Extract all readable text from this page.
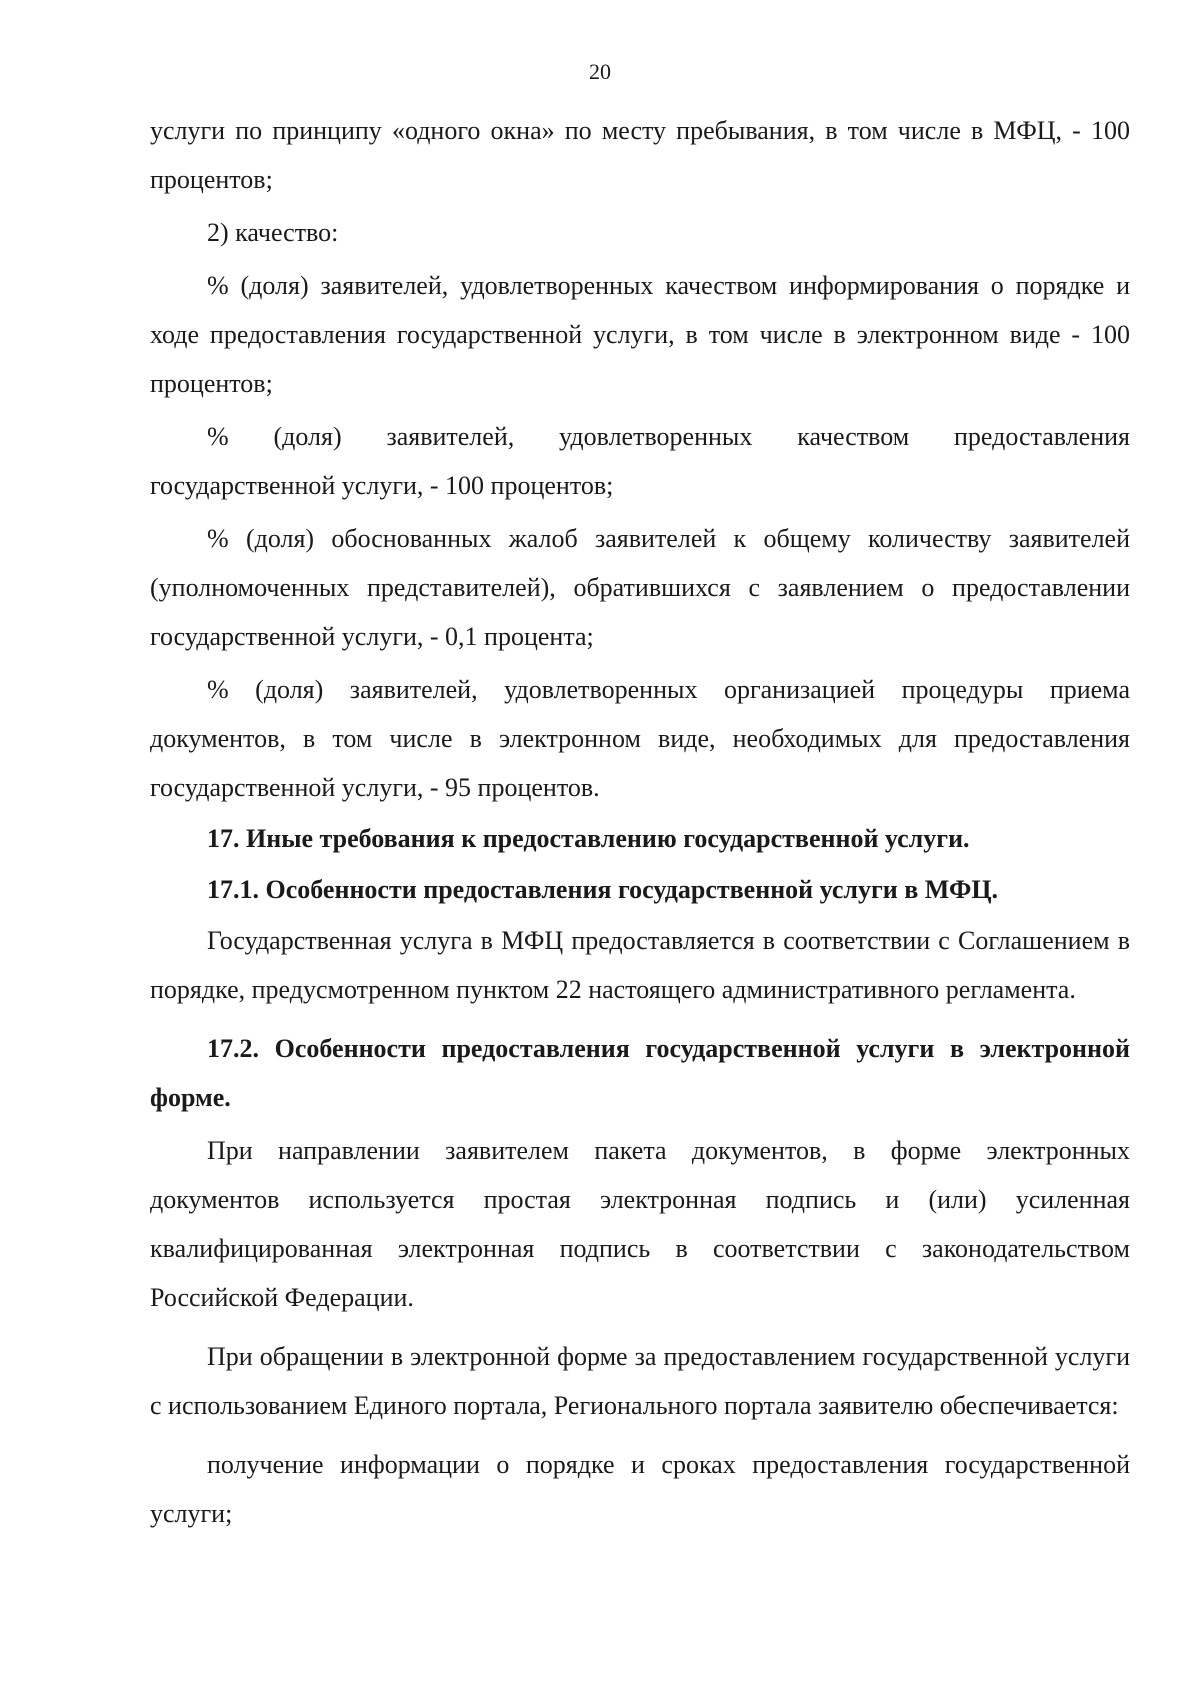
20

услуги по принципу «одного окна» по месту пребывания, в том числе в МФЦ, - 100 процентов;

2) качество:

% (доля) заявителей, удовлетворенных качеством информирования о порядке и ходе предоставления государственной услуги, в том числе в электронном виде - 100 процентов;

% (доля) заявителей, удовлетворенных качеством предоставления государственной услуги, - 100 процентов;

% (доля) обоснованных жалоб заявителей к общему количеству заявителей (уполномоченных представителей), обратившихся с заявлением о предоставлении государственной услуги, - 0,1 процента;

% (доля) заявителей, удовлетворенных организацией процедуры приема документов, в том числе в электронном виде, необходимых для предоставления государственной услуги, - 95 процентов.

17. Иные требования к предоставлению государственной услуги.

17.1. Особенности предоставления государственной услуги в МФЦ.

Государственная услуга в МФЦ предоставляется в соответствии с Соглашением в порядке, предусмотренном пунктом 22 настоящего административного регламента.

17.2. Особенности предоставления государственной услуги в электронной форме.

При направлении заявителем пакета документов, в форме электронных документов используется простая электронная подпись и (или) усиленная квалифицированная электронная подпись в соответствии с законодательством Российской Федерации.

При обращении в электронной форме за предоставлением государственной услуги с использованием Единого портала, Регионального портала заявителю обеспечивается:

получение информации о порядке и сроках предоставления государственной услуги;
